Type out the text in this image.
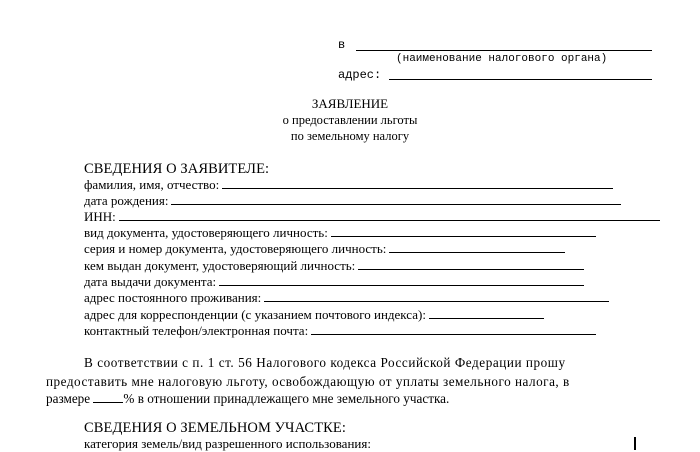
в
(наименование налогового органа)
адрес:
ЗАЯВЛЕНИЕ
о предоставлении льготы
по земельному налогу
СВЕДЕНИЯ О ЗАЯВИТЕЛЕ:
фамилия, имя, отчество:
дата рождения:
ИНН:
вид документа, удостоверяющего личность:
серия и номер документа, удостоверяющего личность:
кем выдан документ, удостоверяющий личность:
дата выдачи документа:
адрес постоянного проживания:
адрес для корреспонденции (с указанием почтового индекса):
контактный телефон/электронная почта:
В соответствии с п. 1 ст. 56 Налогового кодекса Российской Федерации прошу
предоставить мне налоговую льготу, освобождающую от уплаты земельного налога, в
размере	% в отношении принадлежащего мне земельного участка.
СВЕДЕНИЯ О ЗЕМЕЛЬНОМ УЧАСТКЕ:
категория земель/вид разрешенного использования:
